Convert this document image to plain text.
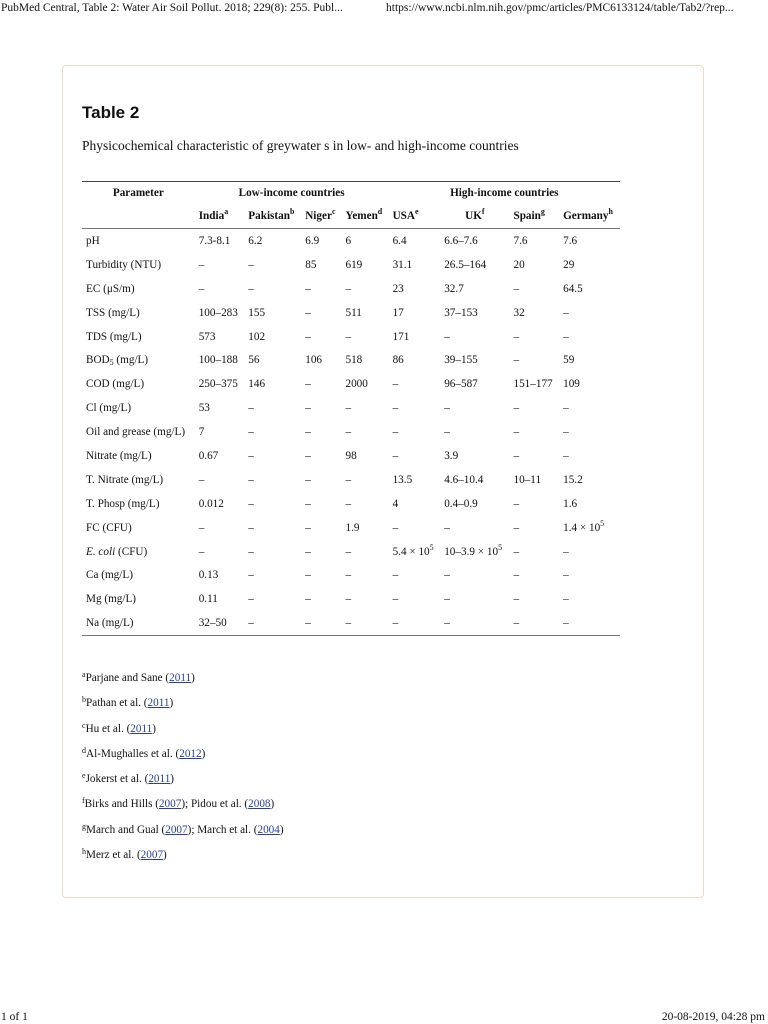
PubMed Central, Table 2: Water Air Soil Pollut. 2018; 229(8): 255. Publ...	https://www.ncbi.nlm.nih.gov/pmc/articles/PMC6133124/table/Tab2/?rep...
Table 2

Physicochemical characteristic of greywater s in low- and high-income countries

Parameter	Low-income countries				High-income countries			
	India$^a$	Pakistan$^b$	Niger$^c$	Yemen$^d$	USA$^e$	$UK^f$	Spain$^g$	Germany$^h$
pH	7.3-8.1	6.2	6.9	6	6.4	6.6–7.6	7.6	7.6
Turbidity (NTU)	–	–	85	619	31.1	26.5–164	20	29
EC (μS/m)	–	–	–	–	23	32.7	–	64.5
TSS (mg/L)	100–283	155	–	511	17	37–153	32	–
TDS (mg/L)	573	102	–	–	171	–	–	–
$BOD_5$ (mg/L)	100–188	56	106	518	86	39–155	–	59
COD (mg/L)	250–375	146	–	2000	–	96–587	151–177	109
Cl (mg/L)	53	–	–	–	–	–	–	–
Oil and grease (mg/L)	7	–	–	–	–	–	–	–
Nitrate (mg/L)	0.67	–	–	98	–	3.9	–	–
T. Nitrate (mg/L)	–	–	–	–	13.5	4.6–10.4	10–11	15.2
T. Phosp (mg/L)	0.012	–	–	–	4	0.4–0.9	–	1.6
FC (CFU)	–	–	–	1.9	–	–	–	$1.4 \times 10^5$
E. coli (CFU)	–	–	–	–	$5.4 \times 10^5$	$10-3.9 \times 10^5$	–	–
Ca (mg/L)	0.13	–	–	–	–	–	–	–
Mg (mg/L)	0.11	–	–	–	–	–	–	–
Na (mg/L)	32–50	–	–	–	–	–	–	–
$^a$Parjane and Sane (2011)
$^b$Pathan et al. (2011)
$^c$Hu et al. (2011)
$^d$Al-Mughalles et al. (2012)
$^e$Jokerst et al. (2011)
$^f$Birks and Hills (2007); Pidou et al. (2008)
$^g$March and Gual (2007); March et al. (2004)
$^h$Merz et al. (2007)
1 of 1	20-08-2019, 04:28 pm
